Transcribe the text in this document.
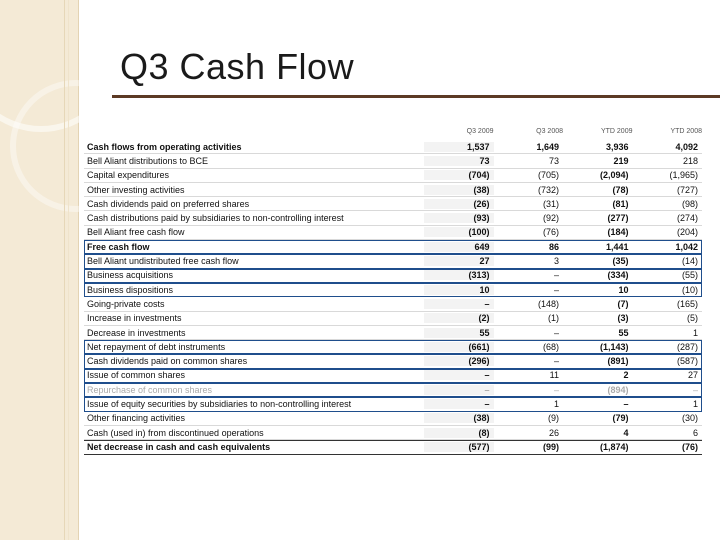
Q3 Cash Flow
Q3 2009	Q3 2008	YTD 2009	YTD 2008
Cash flows from operating activities	1,537	1,649	3,936	4,092
Bell Aliant distributions to BCE	73	73	219	218
Capital expenditures	(704)	(705)	(2,094)	(1,965)
Other investing activities	(38)	(732)	(78)	(727)
Cash dividends paid on preferred shares	(26)	(31)	(81)	(98)
Cash distributions paid by subsidiaries to non-controlling interest	(93)	(92)	(277)	(274)
Bell Aliant free cash flow	(100)	(76)	(184)	(204)
Free cash flow	649	86	1,441	1,042
Bell Aliant undistributed free cash flow	27	3	(35)	(14)
Business acquisitions	(313)	–	(334)	(55)
Business dispositions	10	–	10	(10)
Going-private costs	–	(148)	(7)	(165)
Increase in investments	(2)	(1)	(3)	(5)
Decrease in investments	55	–	55	1
Net repayment of debt instruments	(661)	(68)	(1,143)	(287)
Cash dividends paid on common shares	(296)	–	(891)	(587)
Issue of common shares	–	11	2	27
Repurchase of common shares	–	–	(894)	–
Issue of equity securities by subsidiaries to non-controlling interest	–	1	–	1
Other financing activities	(38)	(9)	(79)	(30)
Cash (used in) from discontinued operations	(8)	26	4	6
Net decrease in cash and cash equivalents	(577)	(99)	(1,874)	(76)
